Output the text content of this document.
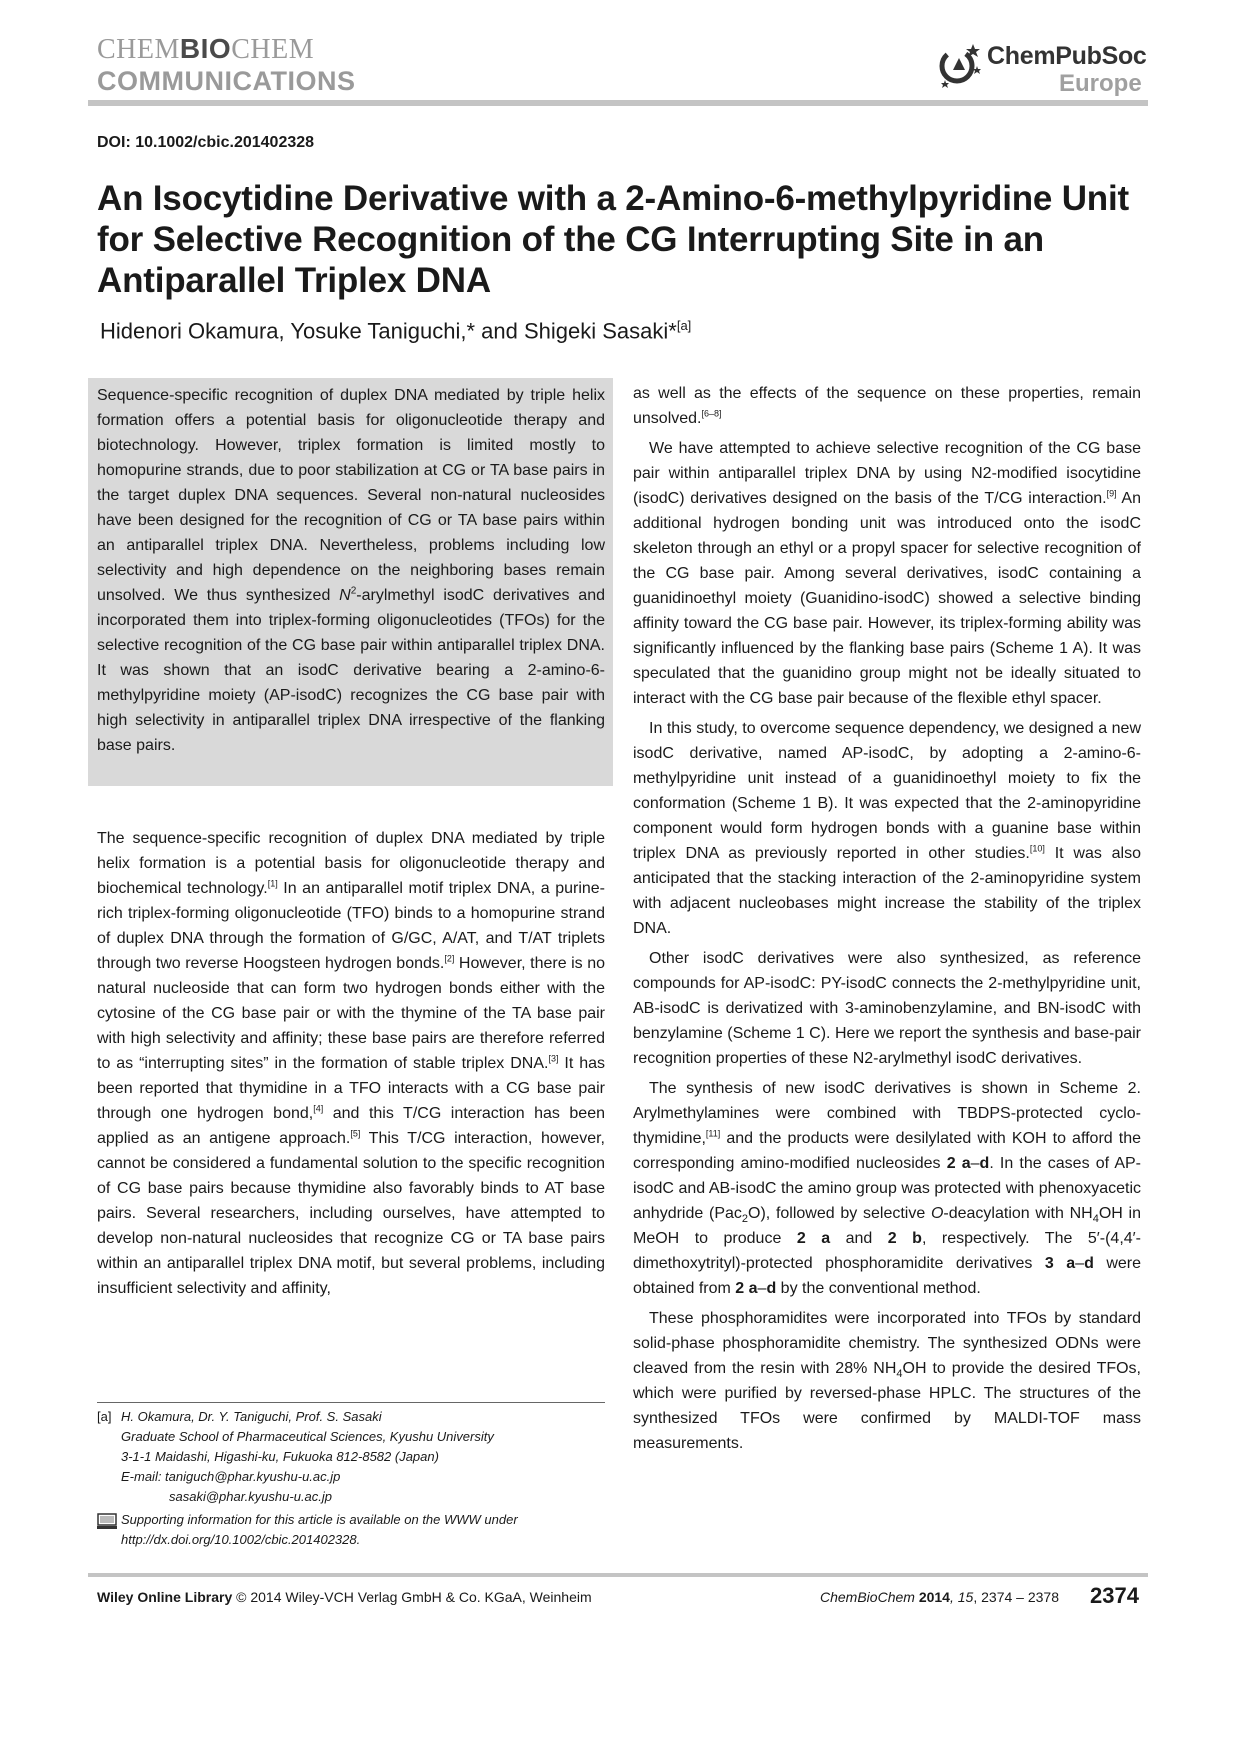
CHEMBIOCHEM
COMMUNICATIONS
ChemPubSoc
Europe
DOI: 10.1002/cbic.201402328
An Isocytidine Derivative with a 2-Amino-6-methylpyridine Unit for Selective Recognition of the CG Interrupting Site in an Antiparallel Triplex DNA
Hidenori Okamura, Yosuke Taniguchi,* and Shigeki Sasaki*[a]
Sequence-specific recognition of duplex DNA mediated by triple helix formation offers a potential basis for oligonucleotide therapy and biotechnology. However, triplex formation is limited mostly to homopurine strands, due to poor stabilization at CG or TA base pairs in the target duplex DNA sequences. Several non-natural nucleosides have been designed for the recognition of CG or TA base pairs within an antiparallel triplex DNA. Nevertheless, problems including low selectivity and high dependence on the neighboring bases remain unsolved. We thus synthesized $N^2$-arylmethyl isodC derivatives and incorporated them into triplex-forming oligonucleotides (TFOs) for the selective recognition of the CG base pair within antiparallel triplex DNA. It was shown that an isodC derivative bearing a 2-amino-6-methylpyridine moiety (AP-isodC) recognizes the CG base pair with high selectivity in antiparallel triplex DNA irrespective of the flanking base pairs.

The sequence-specific recognition of duplex DNA mediated by triple helix formation is a potential basis for oligonucleotide therapy and biochemical technology.[1] In an antiparallel motif triplex DNA, a purine-rich triplex-forming oligonucleotide (TFO) binds to a homopurine strand of duplex DNA through the formation of G/GC, A/AT, and T/AT triplets through two reverse Hoogsteen hydrogen bonds.[2] However, there is no natural nucleoside that can form two hydrogen bonds either with the cytosine of the CG base pair or with the thymine of the TA base pair with high selectivity and affinity; these base pairs are therefore referred to as “interrupting sites” in the formation of stable triplex DNA.[3] It has been reported that thymidine in a TFO interacts with a CG base pair through one hydrogen bond,[4] and this T/CG interaction has been applied as an antigene approach.[5] This T/CG interaction, however, cannot be considered a fundamental solution to the specific recognition of CG base pairs because thymidine also favorably binds to AT base pairs. Several researchers, including ourselves, have attempted to develop non-natural nucleosides that recognize CG or TA base pairs within an antiparallel triplex DNA motif, but several problems, including insufficient selectivity and affinity,

as well as the effects of the sequence on these properties, remain unsolved.[6–8]

We have attempted to achieve selective recognition of the CG base pair within antiparallel triplex DNA by using N2-modified isocytidine (isodC) derivatives designed on the basis of the T/CG interaction.[9] An additional hydrogen bonding unit was introduced onto the isodC skeleton through an ethyl or a propyl spacer for selective recognition of the CG base pair. Among several derivatives, isodC containing a guanidinoethyl moiety (Guanidino-isodC) showed a selective binding affinity toward the CG base pair. However, its triplex-forming ability was significantly influenced by the flanking base pairs (Scheme 1 A). It was speculated that the guanidino group might not be ideally situated to interact with the CG base pair because of the flexible ethyl spacer.

In this study, to overcome sequence dependency, we designed a new isodC derivative, named AP-isodC, by adopting a 2-amino-6-methylpyridine unit instead of a guanidinoethyl moiety to fix the conformation (Scheme 1 B). It was expected that the 2-aminopyridine component would form hydrogen bonds with a guanine base within triplex DNA as previously reported in other studies.[10] It was also anticipated that the stacking interaction of the 2-aminopyridine system with adjacent nucleobases might increase the stability of the triplex DNA.

Other isodC derivatives were also synthesized, as reference compounds for AP-isodC: PY-isodC connects the 2-methylpyridine unit, AB-isodC is derivatized with 3-aminobenzylamine, and BN-isodC with benzylamine (Scheme 1 C). Here we report the synthesis and base-pair recognition properties of these N2-arylmethyl isodC derivatives.

The synthesis of new isodC derivatives is shown in Scheme 2. Arylmethylamines were combined with TBDPS-protected cyclo-thymidine,[11] and the products were desilylated with KOH to afford the corresponding amino-modified nucleosides 2 a–d. In the cases of AP-isodC and AB-isodC the amino group was protected with phenoxyacetic anhydride (Pac$_2$O), followed by selective O-deacylation with $NH_4OH$ in MeOH to produce 2 a and 2 b, respectively. The 5′-(4,4′-dimethoxytrityl)-protected phosphoramidite derivatives 3 a–d were obtained from 2 a–d by the conventional method.

These phosphoramidites were incorporated into TFOs by standard solid-phase phosphoramidite chemistry. The synthesized ODNs were cleaved from the resin with 28% $NH_4OH$ to provide the desired TFOs, which were purified by reversed-phase HPLC. The structures of the synthesized TFOs were confirmed by MALDI-TOF mass measurements.

[a] H. Okamura, Dr. Y. Taniguchi, Prof. S. Sasaki
Graduate School of Pharmaceutical Sciences, Kyushu University
3-1-1 Maidashi, Higashi-ku, Fukuoka 812-8582 (Japan)
E-mail: taniguch@phar.kyushu-u.ac.jp
sasaki@phar.kyushu-u.ac.jp
Supporting information for this article is available on the WWW under http://dx.doi.org/10.1002/cbic.201402328.
Wiley Online Library © 2014 Wiley-VCH Verlag GmbH & Co. KGaA, Weinheim	ChemBioChem 2014, 15, 2374 – 2378 2374
